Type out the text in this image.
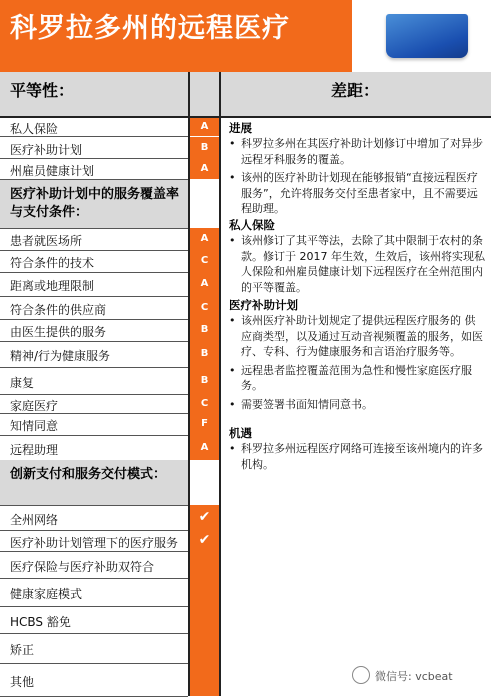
科罗拉多州的远程医疗
平等性：	差距：
A
B
A
A
C
A
C
B
B
B
C
F
A
✔
✔
私人保险
医疗补助计划
州雇员健康计划
医疗补助计划中的服务覆盖率与支付条件：
患者就医场所
符合条件的技术
距离或地理限制
符合条件的供应商
由医生提供的服务
精神/行为健康服务
康复
家庭医疗
知情同意
远程助理
创新支付和服务交付模式：
全州网络
医疗补助计划管理下的医疗服务
医疗保险与医疗补助双符合
健康家庭模式
HCBS 豁免
矫正
其他
进展
• 科罗拉多州在其医疗补助计划修订中增加了对异步远程牙科服务的覆盖。
• 该州的医疗补助计划现在能够报销“直接远程医疗服务”，允许将服务交付至患者家中，且不需要远程助理。
私人保险
• 该州修订了其平等法，去除了其中限制于农村的条款。修订于 2017 年生效，生效后，该州将实现私人保险和州雇员健康计划下远程医疗在全州范围内的平等覆盖。
医疗补助计划
• 该州医疗补助计划规定了提供远程医疗服务的 供应商类型，以及通过互动音视频覆盖的服务，如医疗、专科、行为健康服务和言语治疗服务等。
• 远程患者监控覆盖范围为急性和慢性家庭医疗服务。
• 需要签署书面知情同意书。
机遇
• 科罗拉多州远程医疗网络可连接至该州境内的许多机构。
微信号: vcbeat
